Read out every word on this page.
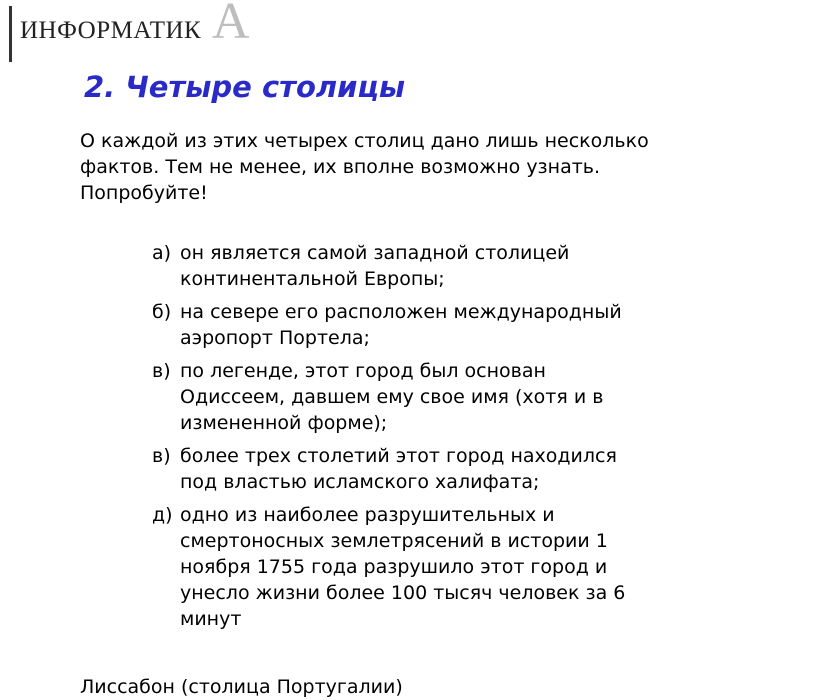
ИНФОРМАТИК А
2. Четыре столицы

О каждой из этих четырех столиц дано лишь несколько фактов. Тем не менее, их вполне возможно узнать. Попробуйте!

а) он является самой западной столицей континентальной Европы;
б) на севере его расположен международный аэропорт Портела;
в) по легенде, этот город был основан Одиссеем, давшем ему свое имя (хотя и в измененной форме);
в) более трех столетий этот город находился под властью исламского халифата;
д) одно из наиболее разрушительных и смертоносных землетрясений в истории 1 ноября 1755 года разрушило этот город и унесло жизни более 100 тысяч человек за 6 минут

Лиссабон (столица Португалии)
